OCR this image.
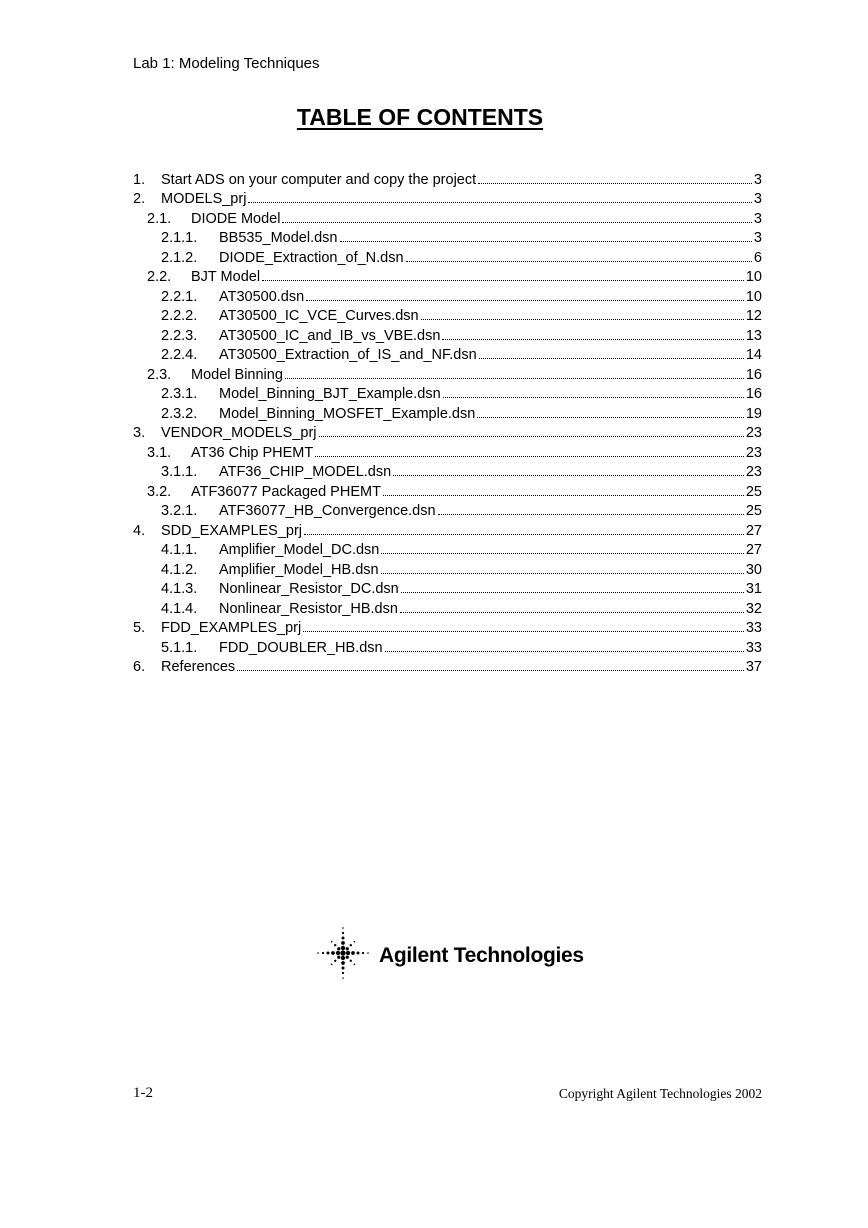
Lab 1: Modeling Techniques
TABLE OF CONTENTS
1.	Start ADS on your computer and copy the project	3
2.	MODELS_prj	3
2.1.	DIODE Model	3
2.1.1.	BB535_Model.dsn	3
2.1.2.	DIODE_Extraction_of_N.dsn	6
2.2.	BJT Model	10
2.2.1.	AT30500.dsn	10
2.2.2.	AT30500_IC_VCE_Curves.dsn	12
2.2.3.	AT30500_IC_and_IB_vs_VBE.dsn	13
2.2.4.	AT30500_Extraction_of_IS_and_NF.dsn	14
2.3.	Model Binning	16
2.3.1.	Model_Binning_BJT_Example.dsn	16
2.3.2.	Model_Binning_MOSFET_Example.dsn	19
3.	VENDOR_MODELS_prj	23
3.1.	AT36 Chip PHEMT	23
3.1.1.	ATF36_CHIP_MODEL.dsn	23
3.2.	ATF36077 Packaged PHEMT	25
3.2.1.	ATF36077_HB_Convergence.dsn	25
4.	SDD_EXAMPLES_prj	27
4.1.1.	Amplifier_Model_DC.dsn	27
4.1.2.	Amplifier_Model_HB.dsn	30
4.1.3.	Nonlinear_Resistor_DC.dsn	31
4.1.4.	Nonlinear_Resistor_HB.dsn	32
5.	FDD_EXAMPLES_prj	33
5.1.1.	FDD_DOUBLER_HB.dsn	33
6.	References	37
Agilent Technologies
1-2	Copyright Agilent Technologies 2002
